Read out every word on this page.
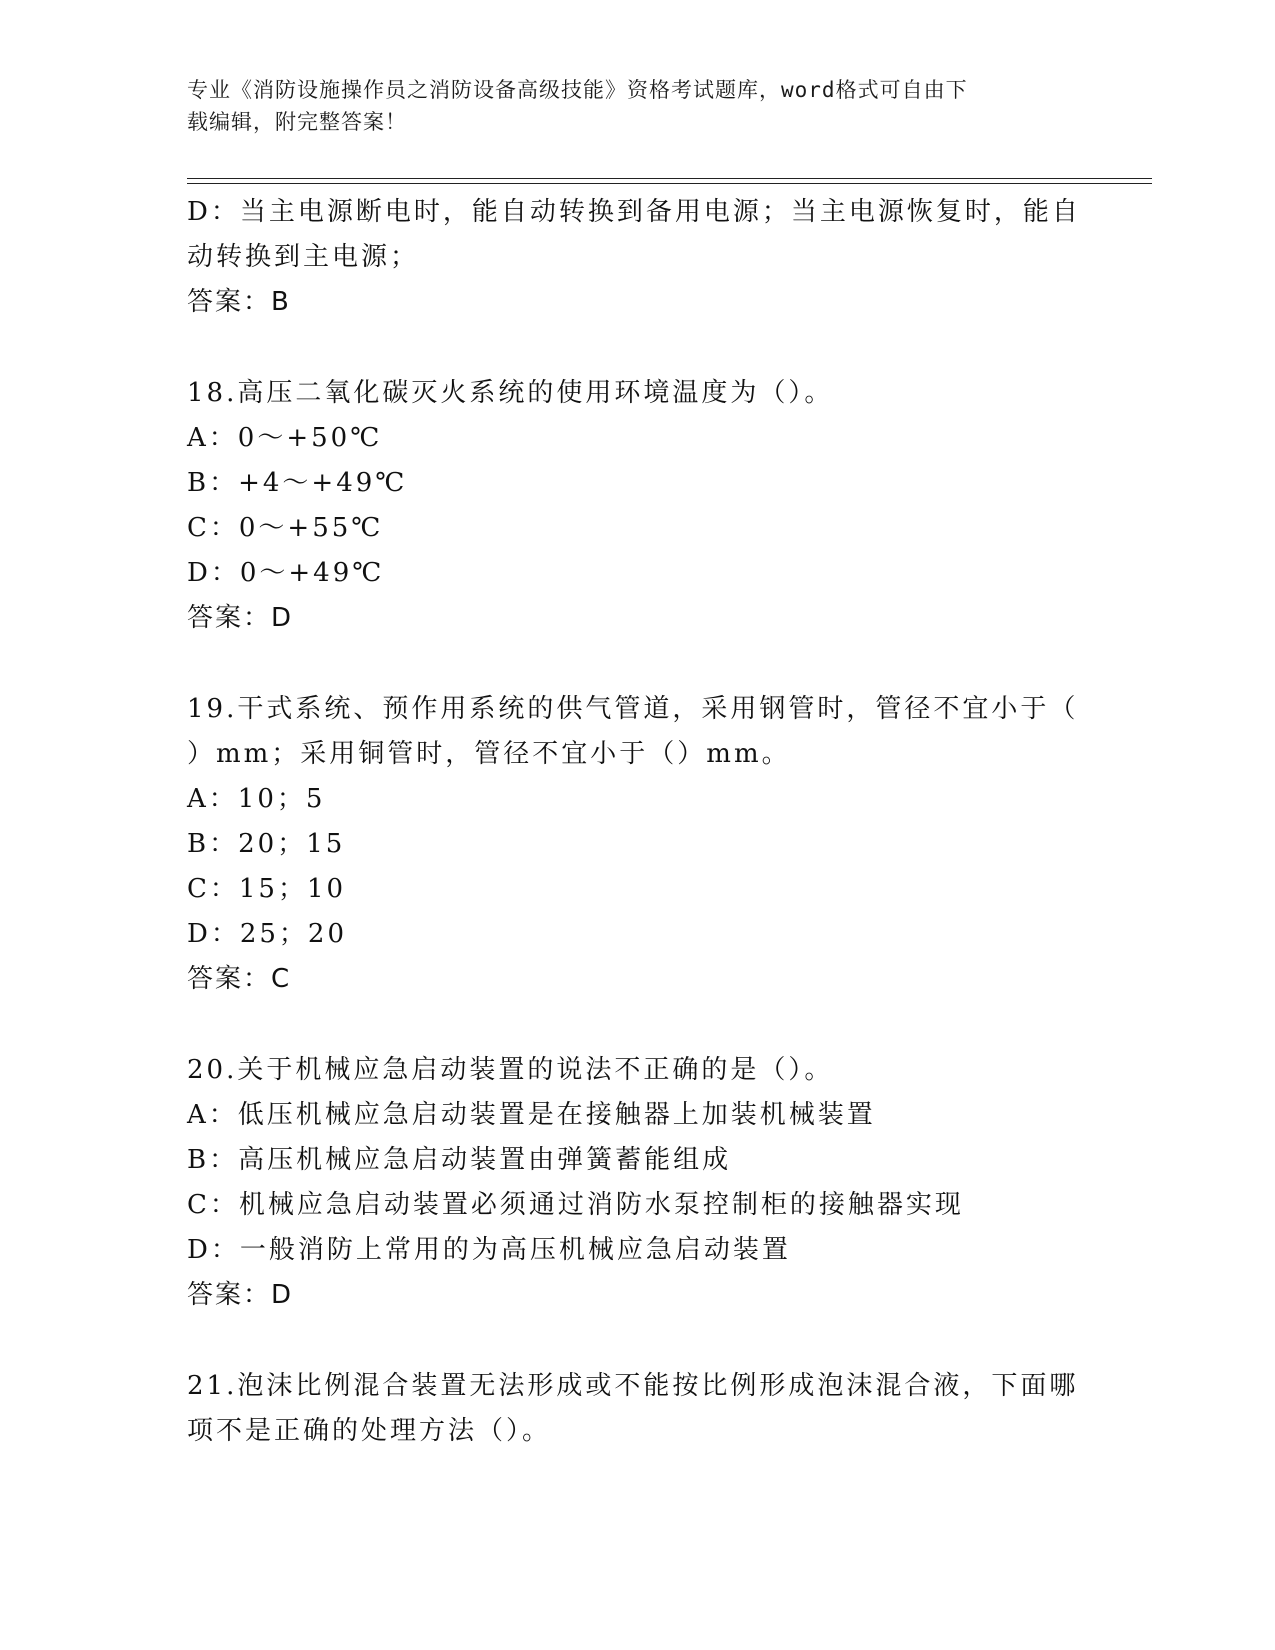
专业《消防设施操作员之消防设备高级技能》资格考试题库，word格式可自由下
载编辑，附完整答案！
D：当主电源断电时，能自动转换到备用电源；当主电源恢复时，能自
动转换到主电源；
答案：B
18.高压二氧化碳灭火系统的使用环境温度为（）。
A：0～+50℃
B：+4～+49℃
C：0～+55℃
D：0～+49℃
答案：D
19.干式系统、预作用系统的供气管道，采用钢管时，管径不宜小于（
）mm；采用铜管时，管径不宜小于（）mm。
A：10；5
B：20；15
C：15；10
D：25；20
答案：C
20.关于机械应急启动装置的说法不正确的是（）。
A：低压机械应急启动装置是在接触器上加装机械装置
B：高压机械应急启动装置由弹簧蓄能组成
C：机械应急启动装置必须通过消防水泵控制柜的接触器实现
D：一般消防上常用的为高压机械应急启动装置
答案：D
21.泡沫比例混合装置无法形成或不能按比例形成泡沫混合液，下面哪
项不是正确的处理方法（）。
